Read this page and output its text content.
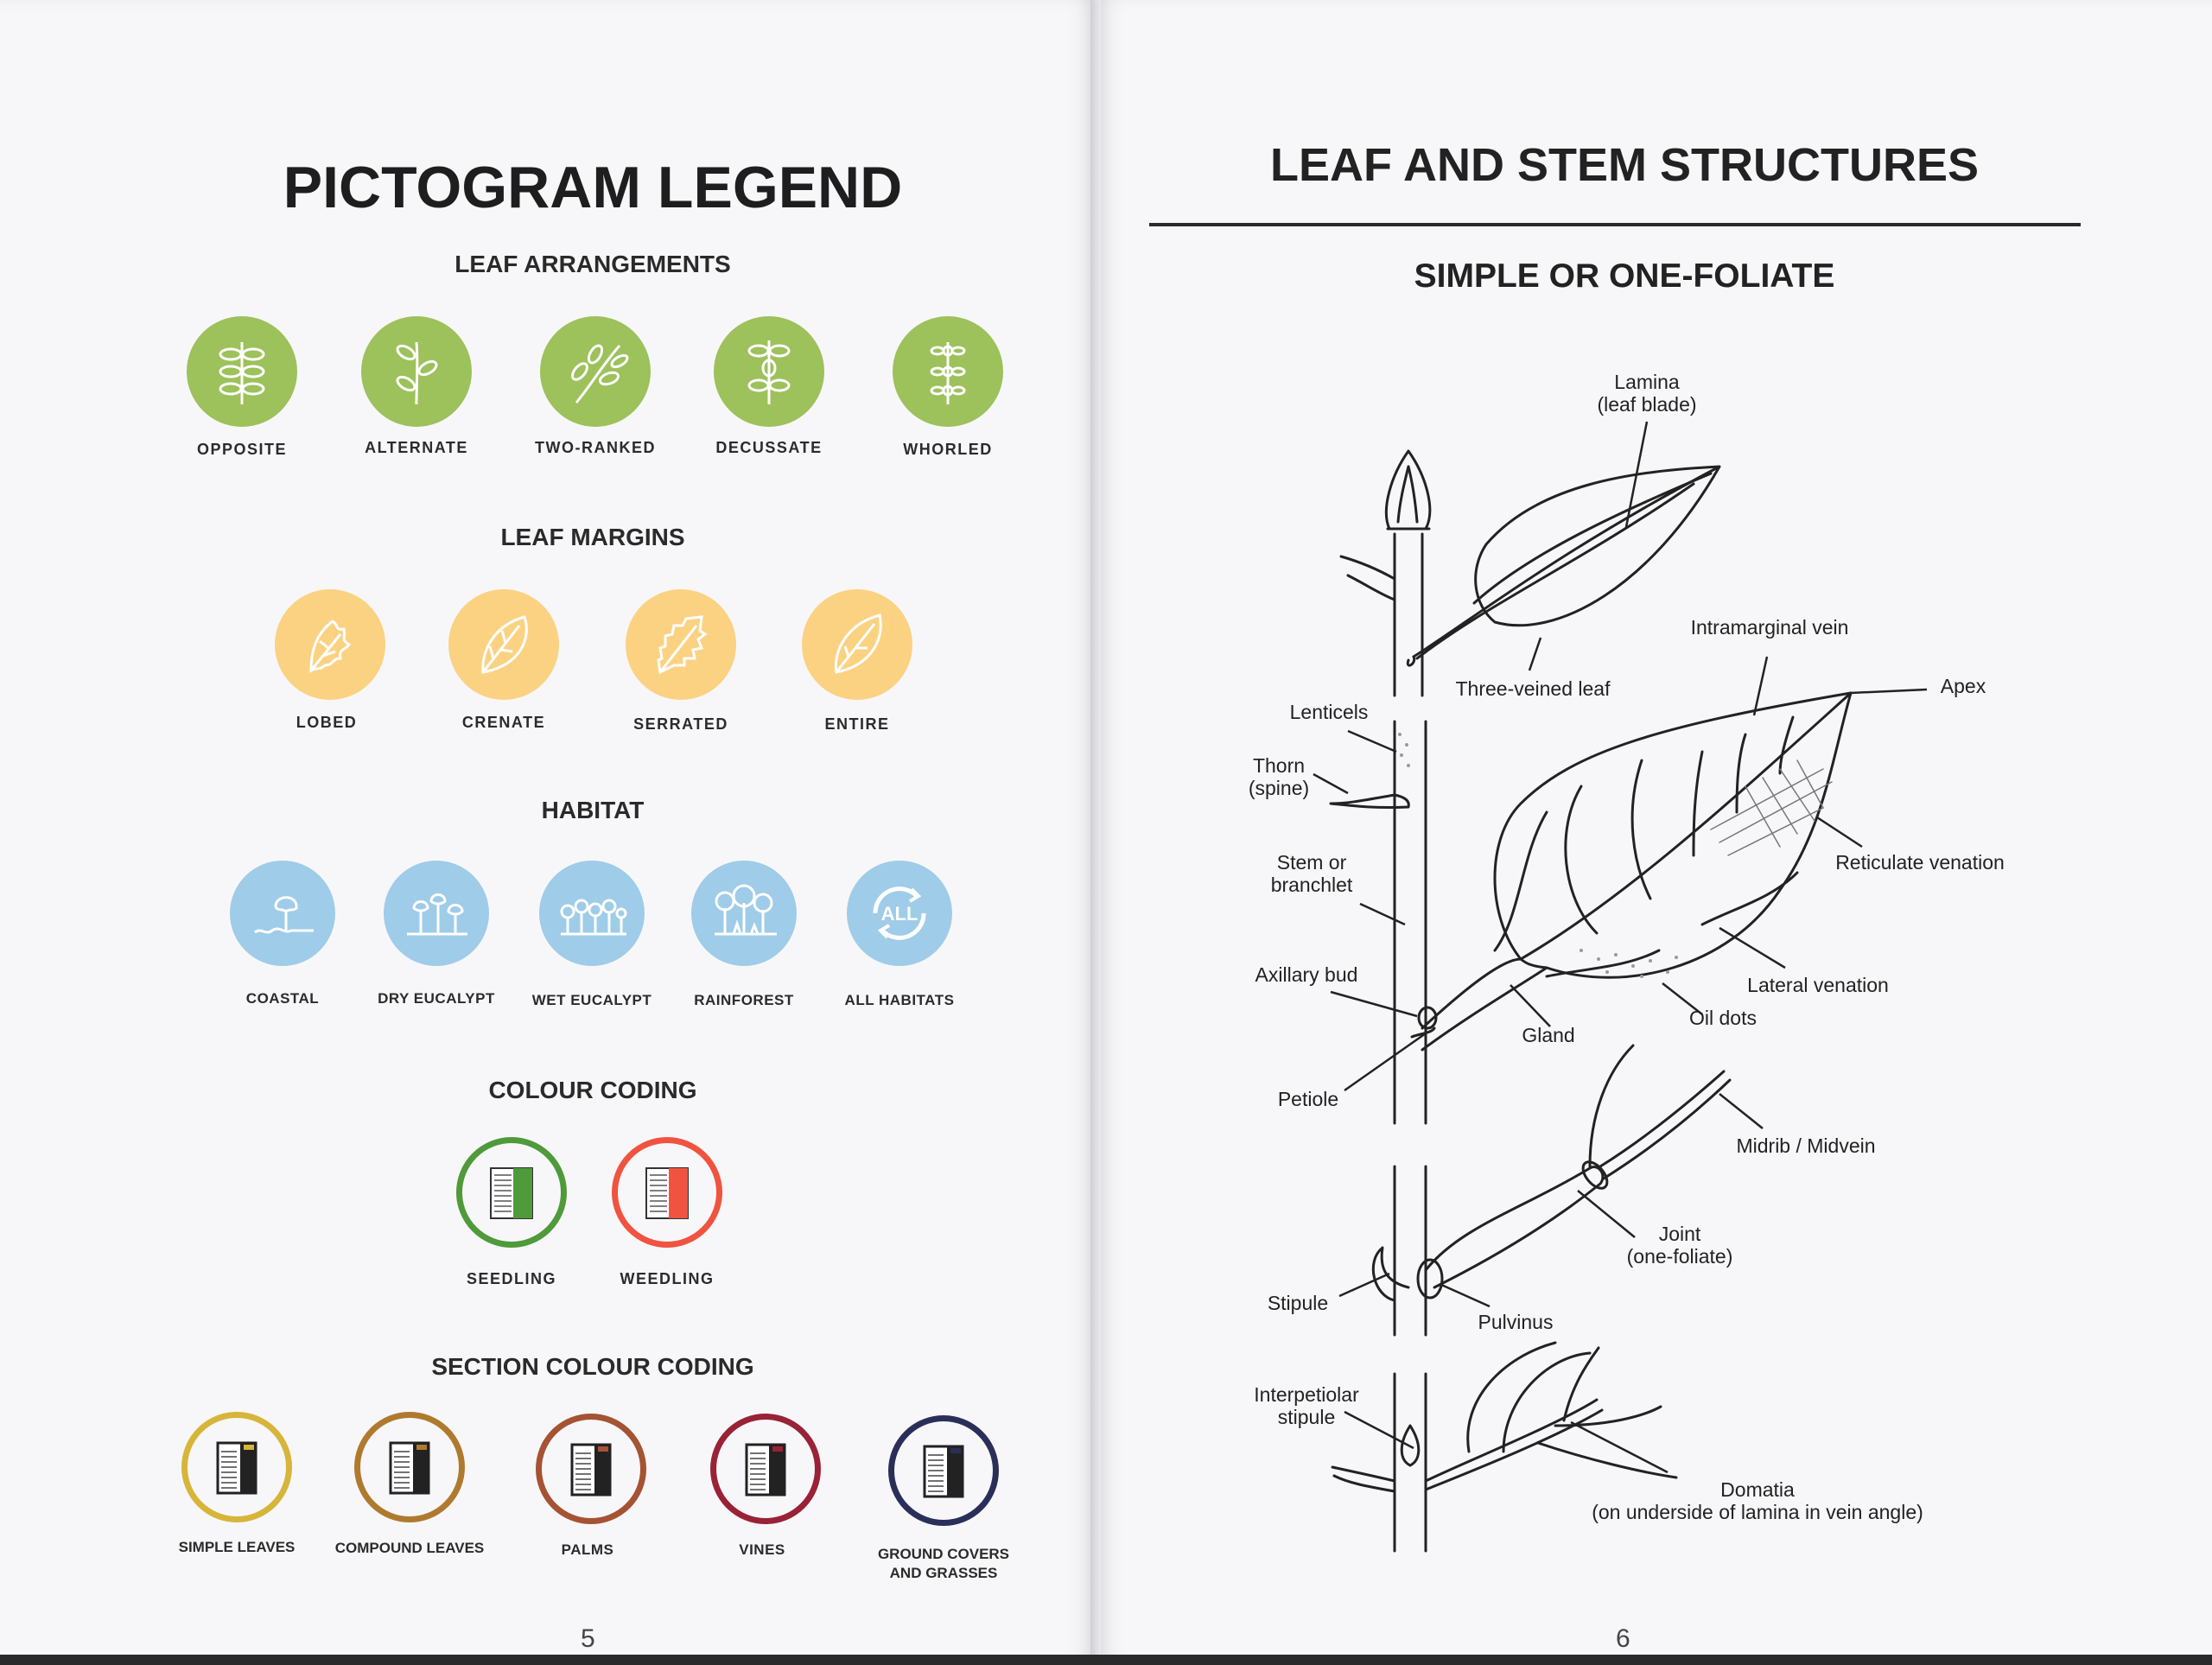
PICTOGRAM LEGEND
LEAF ARRANGEMENTS
OPPOSITE	ALTERNATE	TWO-RANKED	DECUSSATE	WHORLED
LEAF MARGINS
LOBED	CRENATE	SERRATED	ENTIRE
HABITAT
ALL
COASTAL	DRY EUCALYPT	WET EUCALYPT	RAINFOREST	ALL HABITATS
COLOUR CODING
SEEDLING	WEEDLING
SECTION COLOUR CODING
SIMPLE LEAVES	COMPOUND LEAVES	PALMS	VINES	GROUND COVERS
AND GRASSES
5
LEAF AND STEM STRUCTURES
SIMPLE OR ONE-FOLIATE
Lamina
(leaf blade)
Three-veined leaf
Intramarginal vein
Apex
Lenticels
Thorn
(spine)
Stem or
branchlet
Reticulate venation
Axillary bud	Lateral venation
Oil dots
Gland
Petiole
Midrib / Midvein
Joint
(one-foliate)
Stipule
Pulvinus
Interpetiolar
stipule
Domatia
(on underside of lamina in vein angle)
6
